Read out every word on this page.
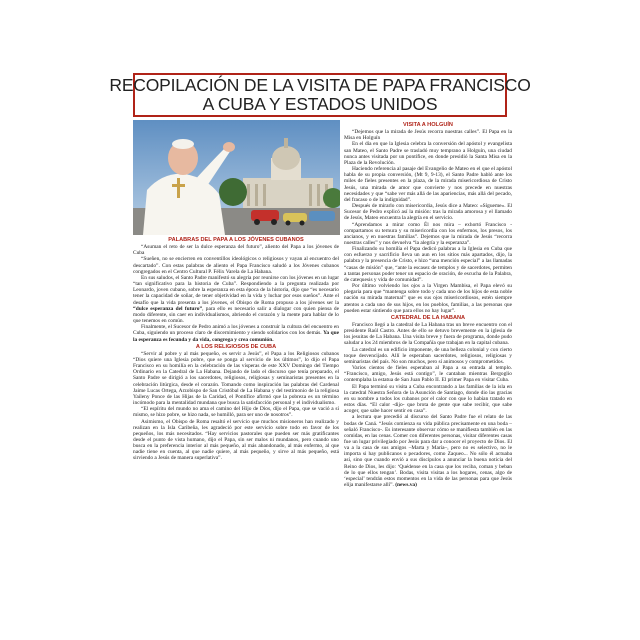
RECOPILACIÓN DE LA VISITA DE PAPA FRANCISCO
A CUBA Y ESTADOS UNIDOS

PALABRAS DEL PAPA A LOS JÓVENES CUBANOS

“Asuman el reto de ser la dulce esperanza del futuro”, aliento del Papa a los jóvenes de Cuba

“Sueñen, no se encierren en conventillos ideológicos o religiosos y vayan al encuentro del descartado”. Con estas palabras de aliento el Papa Francisco saludó a los Jóvenes cubanos congregados en el Centro Cultural P. Félix Varela de La Habana.

En sus saludos, el Santo Padre manifestó su alegría por reunirse con los jóvenes en un lugar “tan significativo para la historia de Cuba”. Respondiendo a la pregunta realizada por Leonardo, joven cubano, sobre la esperanza en esta época de la historia, dijo que “es necesario tener la capacidad de soñar, de tener objetividad en la vida y luchar por esos sueños”. Ante el desafío que la vida presenta a los jóvenes, el Obispo de Roma propuso a los jóvenes ser la “dulce esperanza del futuro”, para ello es necesario salir a dialogar con quien piensa de modo diferente, sin caer en individualismos, abriendo el corazón y la mente para hablar de lo que tenemos en común.

Finalmente, el Sucesor de Pedro animó a los jóvenes a construir la cultura del encuentro en Cuba, siguiendo un proceso claro de discernimiento y siendo solidarios con los demás. Ya que la esperanza es fecunda y da vida, congrega y crea comunión.

A LOS RELIGIOSOS DE CUBA

“Servir al pobre y al más pequeño, es servir a Jesús”, el Papa a los Religiosos cubanos “Dios quiere una Iglesia pobre, que se ponga al servicio de los últimos”, lo dijo el Papa Francisco en su homilía en la celebración de las vísperas de este XXV Domingo del Tiempo Ordinario en la Catedral de La Habana. Dejando de lado el discurso que tenía preparado, el Santo Padre se dirigió a los sacerdotes, religiosos, religiosas y seminaristas presentes en la celebración litúrgica, desde el corazón. Tomando como inspiración las palabras del Cardenal Jaime Lucas Ortega, Arzobispo de San Cristóbal de La Habana y del testimonio de la religiosa Yaileny Ponce de las Hijas de la Caridad, el Pontífice afirmó que la pobreza es un término incómodo para la mentalidad mundana que busca la satisfacción personal y el individualismo.

“El espíritu del mundo no ama el camino del Hijo de Dios, dijo el Papa, que se vació a sí mismo, se hizo pobre, se hizo nada, se humilló, para ser uno de nosotros”.

Asimismo, el Obispo de Roma resaltó el servicio que muchos misioneros han realizado y realizan en la Isla Caribeña, les agradeció por este servicio sobre todo en favor de los pequeños, los más necesitados. “Hay servicios pastorales que pueden ser más gratificantes desde el punto de vista humano, dijo el Papa, sin ser malos ni mundanos, pero cuando uno busca en la preferencia interior al más pequeño, al más abandonado, al más enfermo, al que nadie tiene en cuenta, al que nadie quiere, al más pequeño, y sirve al más pequeño, está sirviendo a Jesús de manera superlativa”.

VISITA A HOLGUÍN

“Dejemos que la mirada de Jesús recorra nuestras calles”. El Papa en la Misa en Holguín

En el día en que la Iglesia celebra la conversión del apóstol y evangelista san Mateo, el Santo Padre se trasladó muy temprano a Holguín, una ciudad nunca antes visitada por un pontífice, en donde presidió la Santa Misa en la Plaza de la Revolución.

Haciendo referencia al pasaje del Evangelio de Mateo en el que el apóstol habla de su propia conversión, (Mt 9, 9-13), el Santo Padre habló ante los miles de fieles presentes en la plaza, de la mirada misericordiosa de Cristo Jesús, una mirada de amor que convierte y nos precede en nuestras necesidades y que “sabe ver más allá de las apariencias, más allá del pecado, del fracaso o de la indignidad”.

Después de mirarlo con misericordia, Jesús dice a Mateo: «Sígueme». El Sucesor de Pedro explicó así la misión: tras la mirada amorosa y el llamado de Jesús, Mateo encuentra la alegría en el servicio.

“Aprendamos a mirar como Él nos mira – exhortó Francisco - compartamos su ternura y su misericordia con los enfermos, los presos, los ancianos, y en nuestras familias”. Dejemos que la mirada de Jesús “recorra nuestras calles” y nos devuelva “la alegría y la esperanza”.

Finalizando su homilía el Papa dedicó palabras a la Iglesia en Cuba que con esfuerzo y sacrificio lleva un aun en los sitios más apartados, dijo, la palabra y la presencia de Cristo, e hizo “una mención especial” a las llamadas “casas de misión” que, “ante la escasez de templos y de sacerdotes, permiten a tantas personas poder tener un espacio de oración, de escucha de la Palabra, de catequesis y vida de comunidad”.

Por último volviendo los ojos a la Virgen Mambisa, el Papa elevó su plegaria para que “mantenga sobre todo y cada uno de los hijos de esta noble nación su mirada maternal” que es sus ojos misericordiosos, estén siempre atentos a cada uno de sus hijos, en los pueblos, familias, a las personas que pueden estar sintiendo que para ellos no hay lugar”.

CATEDRAL DE LA HABANA

Francisco llegó a la catedral de La Habana tras un breve encuentro con el presidente Raúl Castro. Antes de ello se detuvo brevemente en la iglesia de los jesuitas de La Habana. Una visita breve y fuera de programa, donde pudo saludar a los 24 miembros de la Compañía que trabajan en la capital cubana.

La catedral es un edificio imponente, de una belleza colonial y con cierto toque desvencijado. Allí le esperaban sacerdotes, religiosos, religiosas y seminaristas del país. No son muchos, pero sí animosos y comprometidos.

Varios cientos de fieles esperaban al Papa a su entrada al templo. “Francisco, amigo, Jesús está contigo”, le cantaban mientras Bergoglio contemplaba la estatua de San Juan Pablo II. El primer Papa en visitar Cuba.

El Papa terminó su visita a Cuba encontrando a las familias de la isla en la catedral Nuestra Señora de la Asunción de Santiago, donde dio las gracias en su nombre a todos los cubanos por el calor con que lo habían tratado en estos días. “El calor -dijo- que brota de gente que sabe recibir, que sabe acoger, que sabe hacer sentir en casa”.

a lectura que precedió al discurso del Santo Padre fue el relato de las bodas de Caná. “Jesús comienza su vida pública precisamente en una boda – señaló Francisco-. Es interesante observar cómo se manifiesta también en las comidas, en las cenas. Comer con diferentes personas, visitar diferentes casas fue un lugar privilegiado por Jesús para dar a conocer el proyecto de Dios. El va a la casa de sus amigos –Marta y María–, pero no es selectivo, no le importa si hay publicanos o pecadores, como Zaqueo... No sólo él actuaba así, sino que cuando envió a sus discípulos a anunciar la buena noticia del Reino de Dios, les dijo: ‘Quédense en la casa que los reciba, coman y beban de lo que ellos tengan’. Bodas, visita visitas a los hogares, cenas, algo de ‘especial’ tendrán estos momentos en la vida de las personas para que Jesús elija manifestarse allí”. (news.va)
